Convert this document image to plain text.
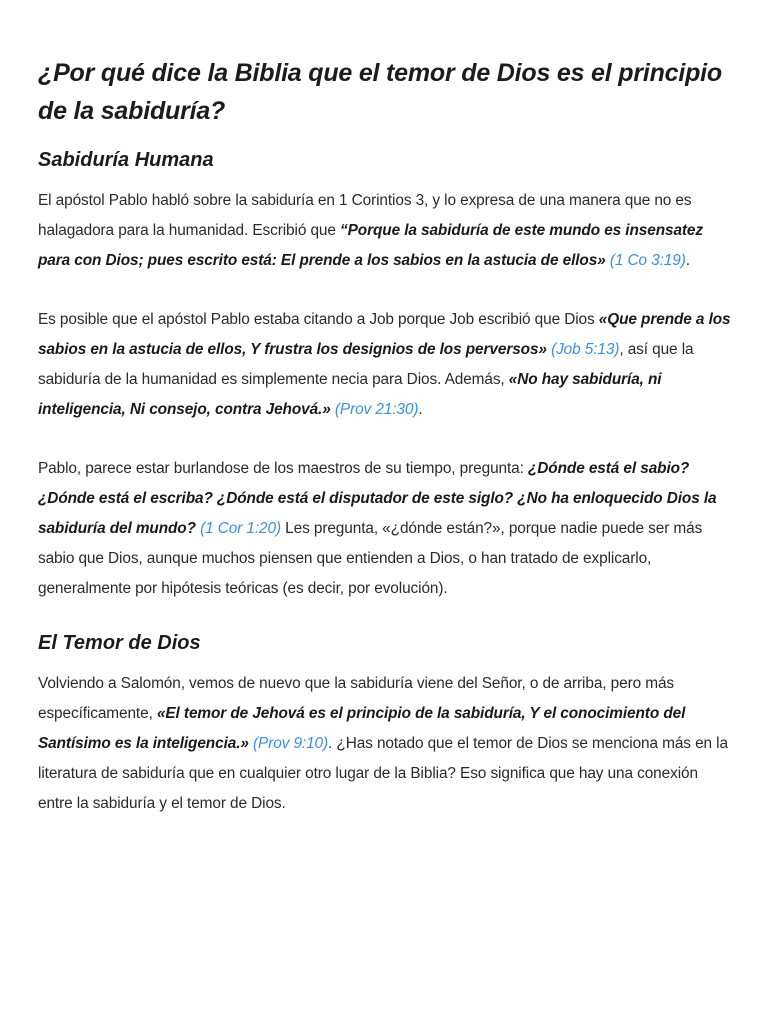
¿Por qué dice la Biblia que el temor de Dios es el principio de la sabiduría?
Sabiduría Humana

El apóstol Pablo habló sobre la sabiduría en 1 Corintios 3, y lo expresa de una manera que no es halagadora para la humanidad. Escribió que “Porque la sabiduría de este mundo es insensatez para con Dios; pues escrito está: El prende a los sabios en la astucia de ellos» (1 Co 3:19).

Es posible que el apóstol Pablo estaba citando a Job porque Job escribió que Dios «Que prende a los sabios en la astucia de ellos, Y frustra los designios de los perversos» (Job 5:13), así que la sabiduría de la humanidad es simplemente necia para Dios. Además, «No hay sabiduría, ni inteligencia, Ni consejo, contra Jehová.» (Prov 21:30).

Pablo, parece estar burlandose de los maestros de su tiempo, pregunta: ¿Dónde está el sabio? ¿Dónde está el escriba? ¿Dónde está el disputador de este siglo? ¿No ha enloquecido Dios la sabiduría del mundo? (1 Cor 1:20) Les pregunta, «¿dónde están?», porque nadie puede ser más sabio que Dios, aunque muchos piensen que entienden a Dios, o han tratado de explicarlo, generalmente por hipótesis teóricas (es decir, por evolución).

El Temor de Dios

Volviendo a Salomón, vemos de nuevo que la sabiduría viene del Señor, o de arriba, pero más específicamente, «El temor de Jehová es el principio de la sabiduría, Y el conocimiento del Santísimo es la inteligencia.» (Prov 9:10). ¿Has notado que el temor de Dios se menciona más en la literatura de sabiduría que en cualquier otro lugar de la Biblia? Eso significa que hay una conexión entre la sabiduría y el temor de Dios.
